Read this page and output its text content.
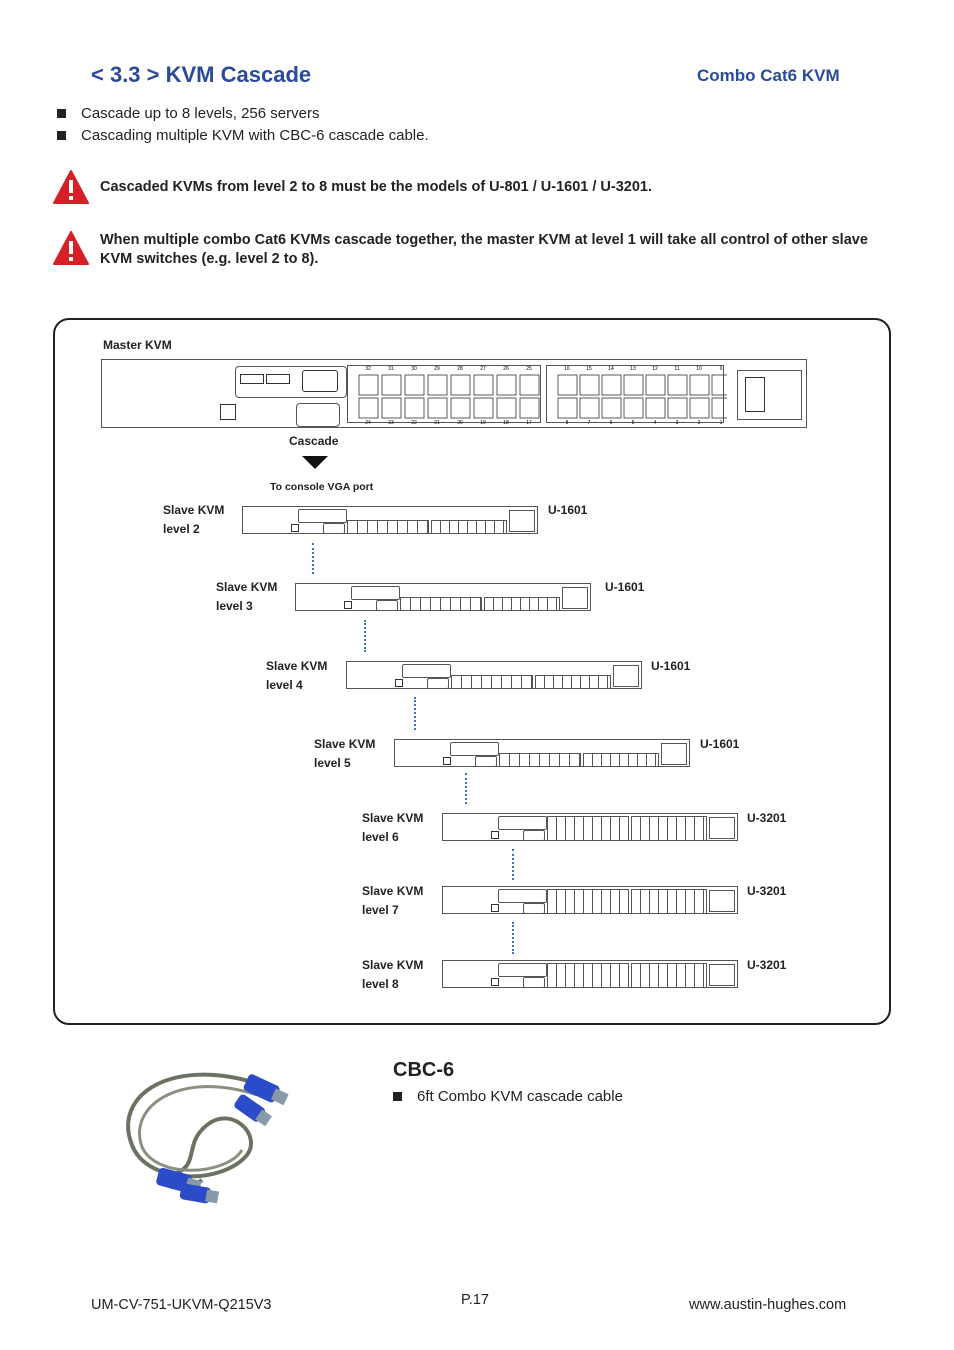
< 3.3 > KVM Cascade	Combo Cat6 KVM
Cascade up to 8 levels, 256 servers
Cascading multiple KVM with CBC-6 cascade cable.
Cascaded KVMs from level 2 to 8 must be the models of U-801 / U-1601 / U-3201.
When multiple combo Cat6 KVMs cascade together, the master KVM at level 1 will take all control of other slave KVM switches (e.g. level 2 to 8).
Master KVM
32
24
31
23
30
22
29
21
28
20
27
19
26
18
25
17
16
8
15
7
14
6
13
5
12
4
11
3
10
2
9
1
Cascade
To console VGA port
Slave KVM
level 2
U-1601
Slave KVM
level 3
U-1601
Slave KVM
level 4
U-1601
Slave KVM
level 5
U-1601
Slave KVM
level 6
U-3201
Slave KVM
level 7
U-3201
Slave KVM
level 8
U-3201
CBC-6
6ft Combo KVM cascade cable
UM-CV-751-UKVM-Q215V3	P.17	www.austin-hughes.com
